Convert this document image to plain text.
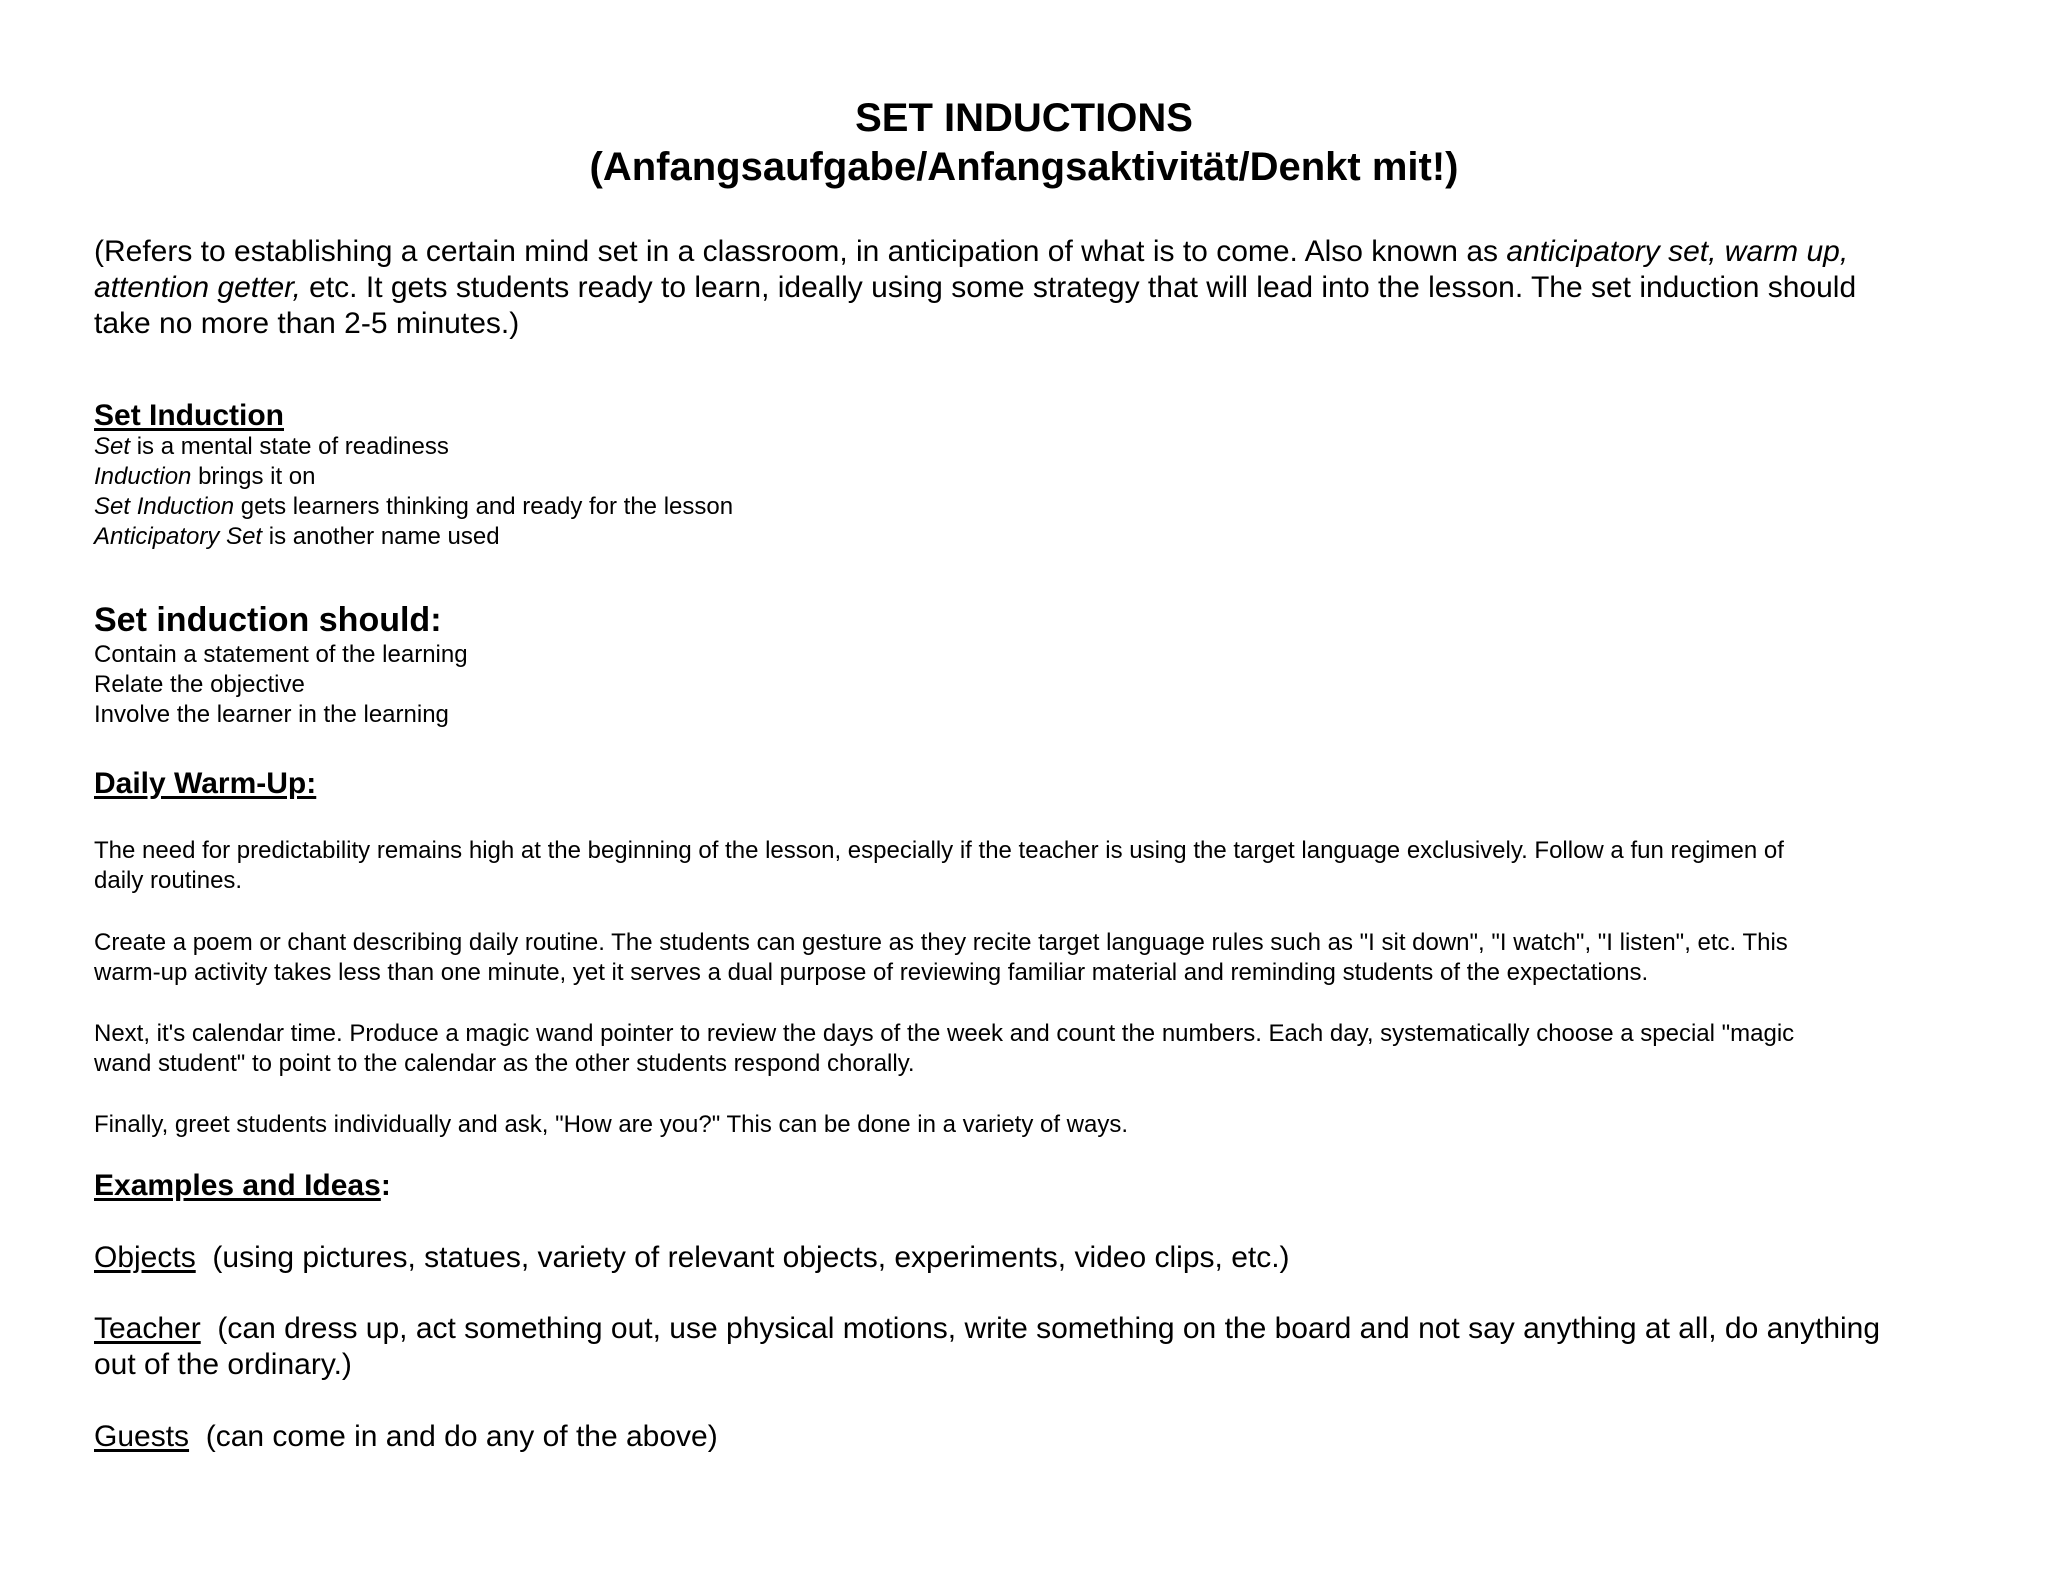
SET INDUCTIONS
(Anfangsaufgabe/Anfangsaktivität/Denkt mit!)
(Refers to establishing a certain mind set in a classroom, in anticipation of what is to come. Also known as anticipatory set, warm up,
attention getter, etc. It gets students ready to learn, ideally using some strategy that will lead into the lesson. The set induction should
take no more than 2-5 minutes.)
Set Induction
Set is a mental state of readiness
Induction brings it on
Set Induction gets learners thinking and ready for the lesson
Anticipatory Set is another name used
Set induction should:
Contain a statement of the learning
Relate the objective
Involve the learner in the learning
Daily Warm-Up:
The need for predictability remains high at the beginning of the lesson, especially if the teacher is using the target language exclusively. Follow a fun regimen of
daily routines.
Create a poem or chant describing daily routine. The students can gesture as they recite target language rules such as "I sit down", "I watch", "I listen", etc. This
warm-up activity takes less than one minute, yet it serves a dual purpose of reviewing familiar material and reminding students of the expectations.
Next, it's calendar time. Produce a magic wand pointer to review the days of the week and count the numbers. Each day, systematically choose a special "magic
wand student" to point to the calendar as the other students respond chorally.
Finally, greet students individually and ask, "How are you?" This can be done in a variety of ways.
Examples and Ideas:
Objects  (using pictures, statues, variety of relevant objects, experiments, video clips, etc.)
Teacher  (can dress up, act something out, use physical motions, write something on the board and not say anything at all, do anything
out of the ordinary.)
Guests  (can come in and do any of the above)
